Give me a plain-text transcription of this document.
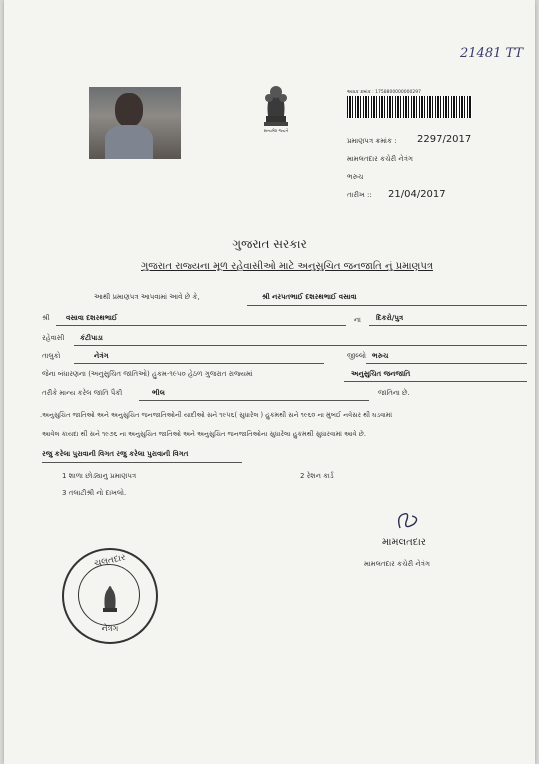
21481 TT
સત્યમેવ જયતે
આવક ક્રમાંક : 1758800000000297
પ્રમાણપત્ર ક્રમાંક : 2297/2017
મામલતદાર કચેરી નેત્રંગ
ભરુચ
તારીખ :: 21/04/2017
ગુજરાત સરકાર
ગુજરાત રાજ્યના મૂળ રહેવાસીઓ માટે અનુસુચિત જનજાતિ નું પ્રમાણપત્ર
આથી પ્રમાણપત્ર આપવામાં આવે છે કે,	શ્રી નરપતભાઈ દશરથભાઈ વસાવા
શ્રી વસાવા દશરથભાઈ	ના દિકરો/પુત્ર
રહેવાસી કંટીપાડા
તાલુકો	નેત્રંગ	જીલ્લો ભરુચ
જેના બંધારણના (અનુસુચિત જાતિઓ) હુકમ-૧૯૫૦ હેઠળ ગુજરાત રાજ્યમાં	અનુસુચિત જનજાતિ
તરીકે માન્ય કરેલ જાતિ પૈકી	ભીલ	જાતિના છે.
.અનુસુચિત જાતિઓ અને અનુસુચિત જનજાતિઓની યાદીઓ સને ૧૯૫૬( સુધારેલ ) હુકમથી સને ૧૯૬૦ ના મુંબઈ નવેસર થી ઘડવામાં
આવેલ કાયદા થી સને ૧૯૭૬ ના અનુસુચિત જાતિઓ અને અનુસુચિત જનજાતિઓના સુધારેલા હુકમથી સુધારવામાં આવે છે.
રજુ કરેલા પુરાવાની વિગત રજુ કરેલા પુરાવાની વિગત
1 શાળા છોડ્યાનુ પ્રમાણપત્ર	2 રેશન કાર્ડ
3 તલાટીશ્રી નો દાખલો.
મામલતદાર
મામલતદાર કચેરી નેત્રંગ
ચલતદાર
નેત્રંગ
